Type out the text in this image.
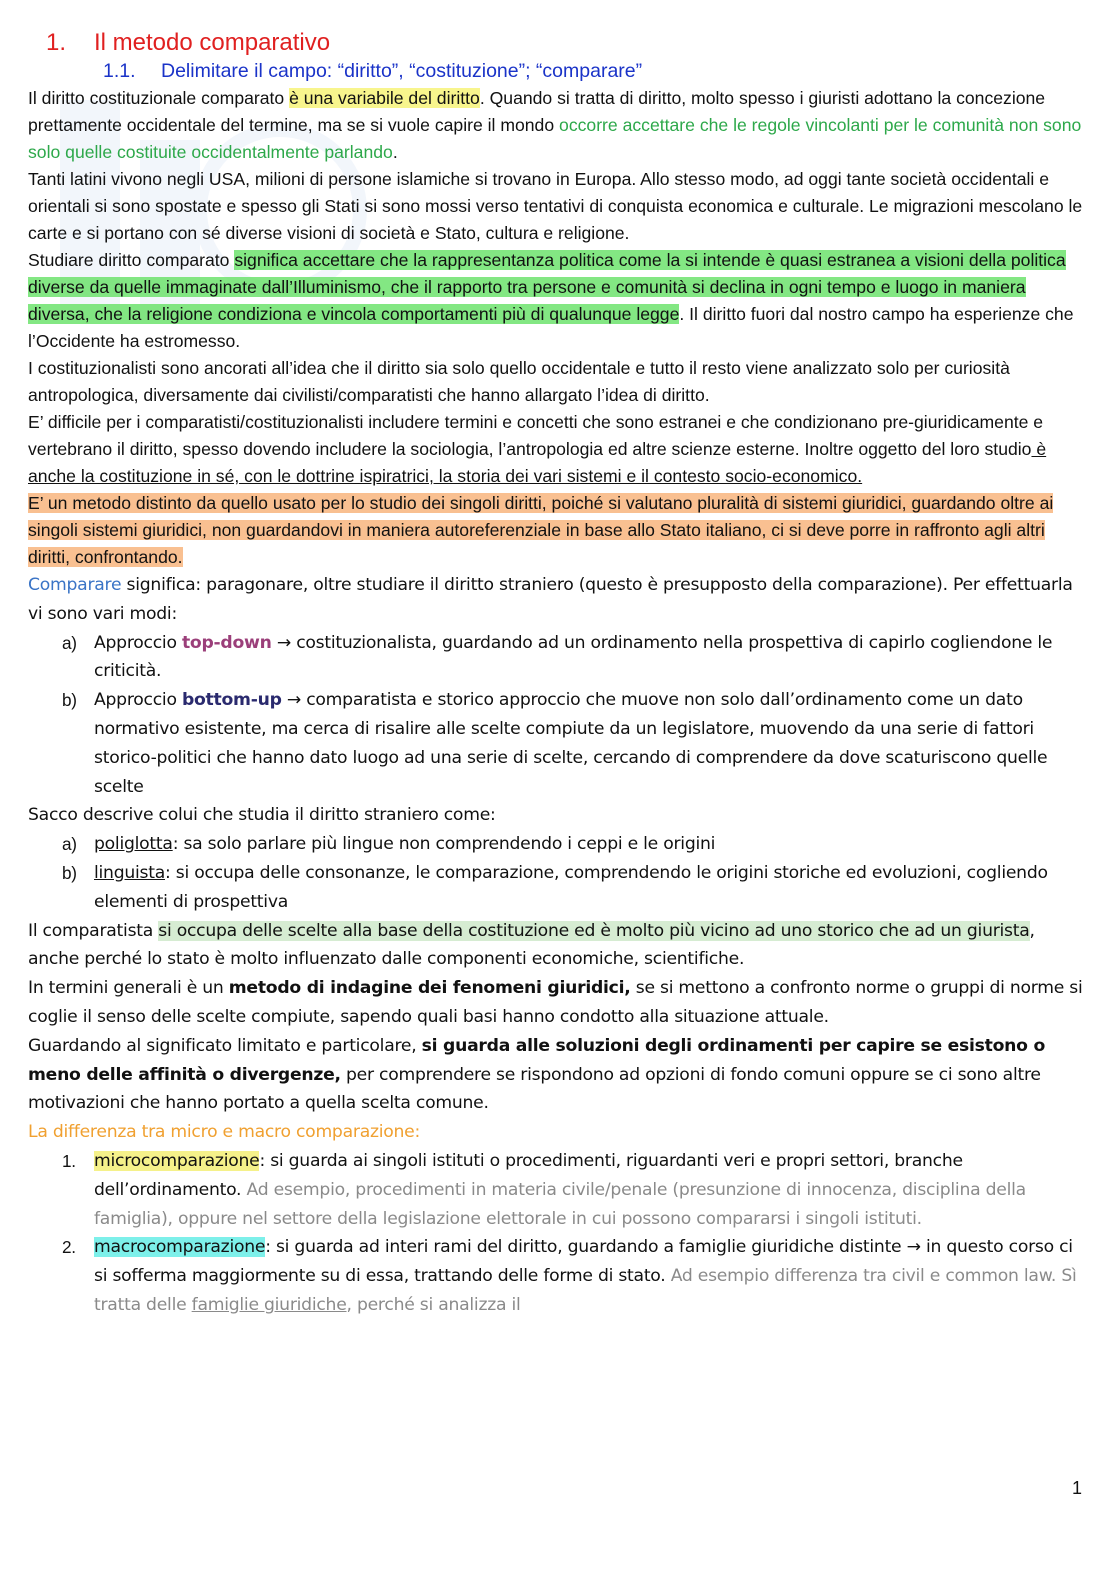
1. Il metodo comparativo
1.1. Delimitare il campo: “diritto”, “costituzione”; “comparare”

Il diritto costituzionale comparato è una variabile del diritto. Quando si tratta di diritto, molto spesso i giuristi adottano la concezione prettamente occidentale del termine, ma se si vuole capire il mondo occorre accettare che le regole vincolanti per le comunità non sono solo quelle costituite occidentalmente parlando.

Tanti latini vivono negli USA, milioni di persone islamiche si trovano in Europa. Allo stesso modo, ad oggi tante società occidentali e orientali si sono spostate e spesso gli Stati si sono mossi verso tentativi di conquista economica e culturale. Le migrazioni mescolano le carte e si portano con sé diverse visioni di società e Stato, cultura e religione.

Studiare diritto comparato significa accettare che la rappresentanza politica come la si intende è quasi estranea a visioni della politica diverse da quelle immaginate dall’Illuminismo, che il rapporto tra persone e comunità si declina in ogni tempo e luogo in maniera diversa, che la religione condiziona e vincola comportamenti più di qualunque legge. Il diritto fuori dal nostro campo ha esperienze che l’Occidente ha estromesso.

I costituzionalisti sono ancorati all’idea che il diritto sia solo quello occidentale e tutto il resto viene analizzato solo per curiosità antropologica, diversamente dai civilisti/comparatisti che hanno allargato l’idea di diritto.

E’ difficile per i comparatisti/costituzionalisti includere termini e concetti che sono estranei e che condizionano pre-giuridicamente e vertebrano il diritto, spesso dovendo includere la sociologia, l’antropologia ed altre scienze esterne. Inoltre oggetto del loro studio è anche la costituzione in sé, con le dottrine ispiratrici, la storia dei vari sistemi e il contesto socio-economico.

E’ un metodo distinto da quello usato per lo studio dei singoli diritti, poiché si valutano pluralità di sistemi giuridici, guardando oltre ai singoli sistemi giuridici, non guardandovi in maniera autoreferenziale in base allo Stato italiano, ci si deve porre in raffronto agli altri diritti, confrontando.

Comparare significa: paragonare, oltre studiare il diritto straniero (questo è presupposto della comparazione). Per effettuarla vi sono vari modi:

a) Approccio top-down → costituzionalista, guardando ad un ordinamento nella prospettiva di capirlo cogliendone le criticità.
b) Approccio bottom-up → comparatista e storico approccio che muove non solo dall’ordinamento come un dato normativo esistente, ma cerca di risalire alle scelte compiute da un legislatore, muovendo da una serie di fattori storico-politici che hanno dato luogo ad una serie di scelte, cercando di comprendere da dove scaturiscono quelle scelte

Sacco descrive colui che studia il diritto straniero come:

a) poliglotta: sa solo parlare più lingue non comprendendo i ceppi e le origini
b) linguista: si occupa delle consonanze, le comparazione, comprendendo le origini storiche ed evoluzioni, cogliendo elementi di prospettiva

Il comparatista si occupa delle scelte alla base della costituzione ed è molto più vicino ad uno storico che ad un giurista, anche perché lo stato è molto influenzato dalle componenti economiche, scientifiche.

In termini generali è un metodo di indagine dei fenomeni giuridici, se si mettono a confronto norme o gruppi di norme si coglie il senso delle scelte compiute, sapendo quali basi hanno condotto alla situazione attuale.

Guardando al significato limitato e particolare, si guarda alle soluzioni degli ordinamenti per capire se esistono o meno delle affinità o divergenze, per comprendere se rispondono ad opzioni di fondo comuni oppure se ci sono altre motivazioni che hanno portato a quella scelta comune.

La differenza tra micro e macro comparazione:

1. microcomparazione: si guarda ai singoli istituti o procedimenti, riguardanti veri e propri settori, branche dell’ordinamento. Ad esempio, procedimenti in materia civile/penale (presunzione di innocenza, disciplina della famiglia), oppure nel settore della legislazione elettorale in cui possono compararsi i singoli istituti.
2. macrocomparazione: si guarda ad interi rami del diritto, guardando a famiglie giuridiche distinte → in questo corso ci si sofferma maggiormente su di essa, trattando delle forme di stato. Ad esempio differenza tra civil e common law. Sì tratta delle famiglie giuridiche, perché si analizza il
1
